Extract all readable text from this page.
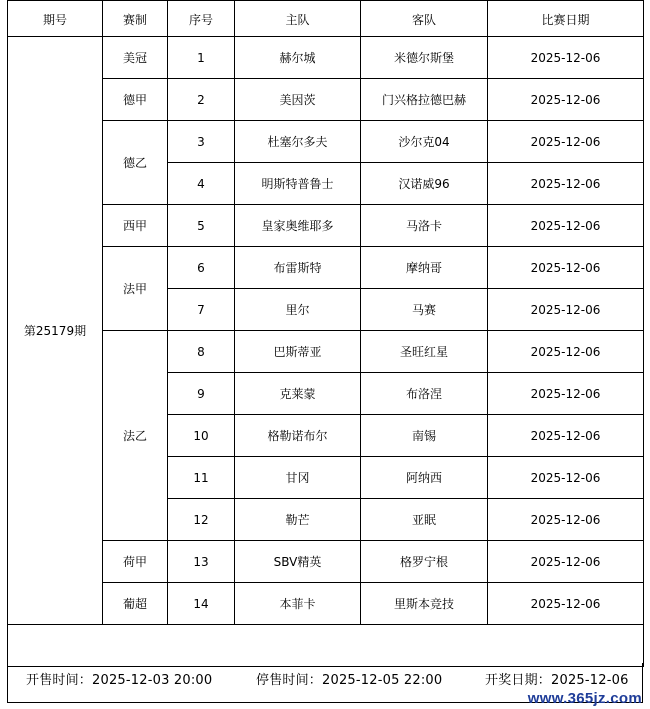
期号	赛制	序号	主队	客队	比赛日期
第25179期	美冠	1	赫尔城	米德尔斯堡	2025-12-06
	德甲	2	美因茨	门兴格拉德巴赫	2025-12-06
	德乙	3	杜塞尔多夫	沙尔克04	2025-12-06
		4	明斯特普鲁士	汉诺威96	2025-12-06
	西甲	5	皇家奥维耶多	马洛卡	2025-12-06
	法甲	6	布雷斯特	摩纳哥	2025-12-06
		7	里尔	马赛	2025-12-06
	法乙	8	巴斯蒂亚	圣旺红星	2025-12-06
		9	克莱蒙	布洛涅	2025-12-06
		10	格勒诺布尔	南锡	2025-12-06
		11	甘冈	阿纳西	2025-12-06
		12	勒芒	亚眠	2025-12-06
	荷甲	13	SBV精英	格罗宁根	2025-12-06
	葡超	14	本菲卡	里斯本竞技	2025-12-06

开售时间：2025-12-03 20:00	停售时间：2025-12-05 22:00	开奖日期：2025-12-06
www.365jz.com
